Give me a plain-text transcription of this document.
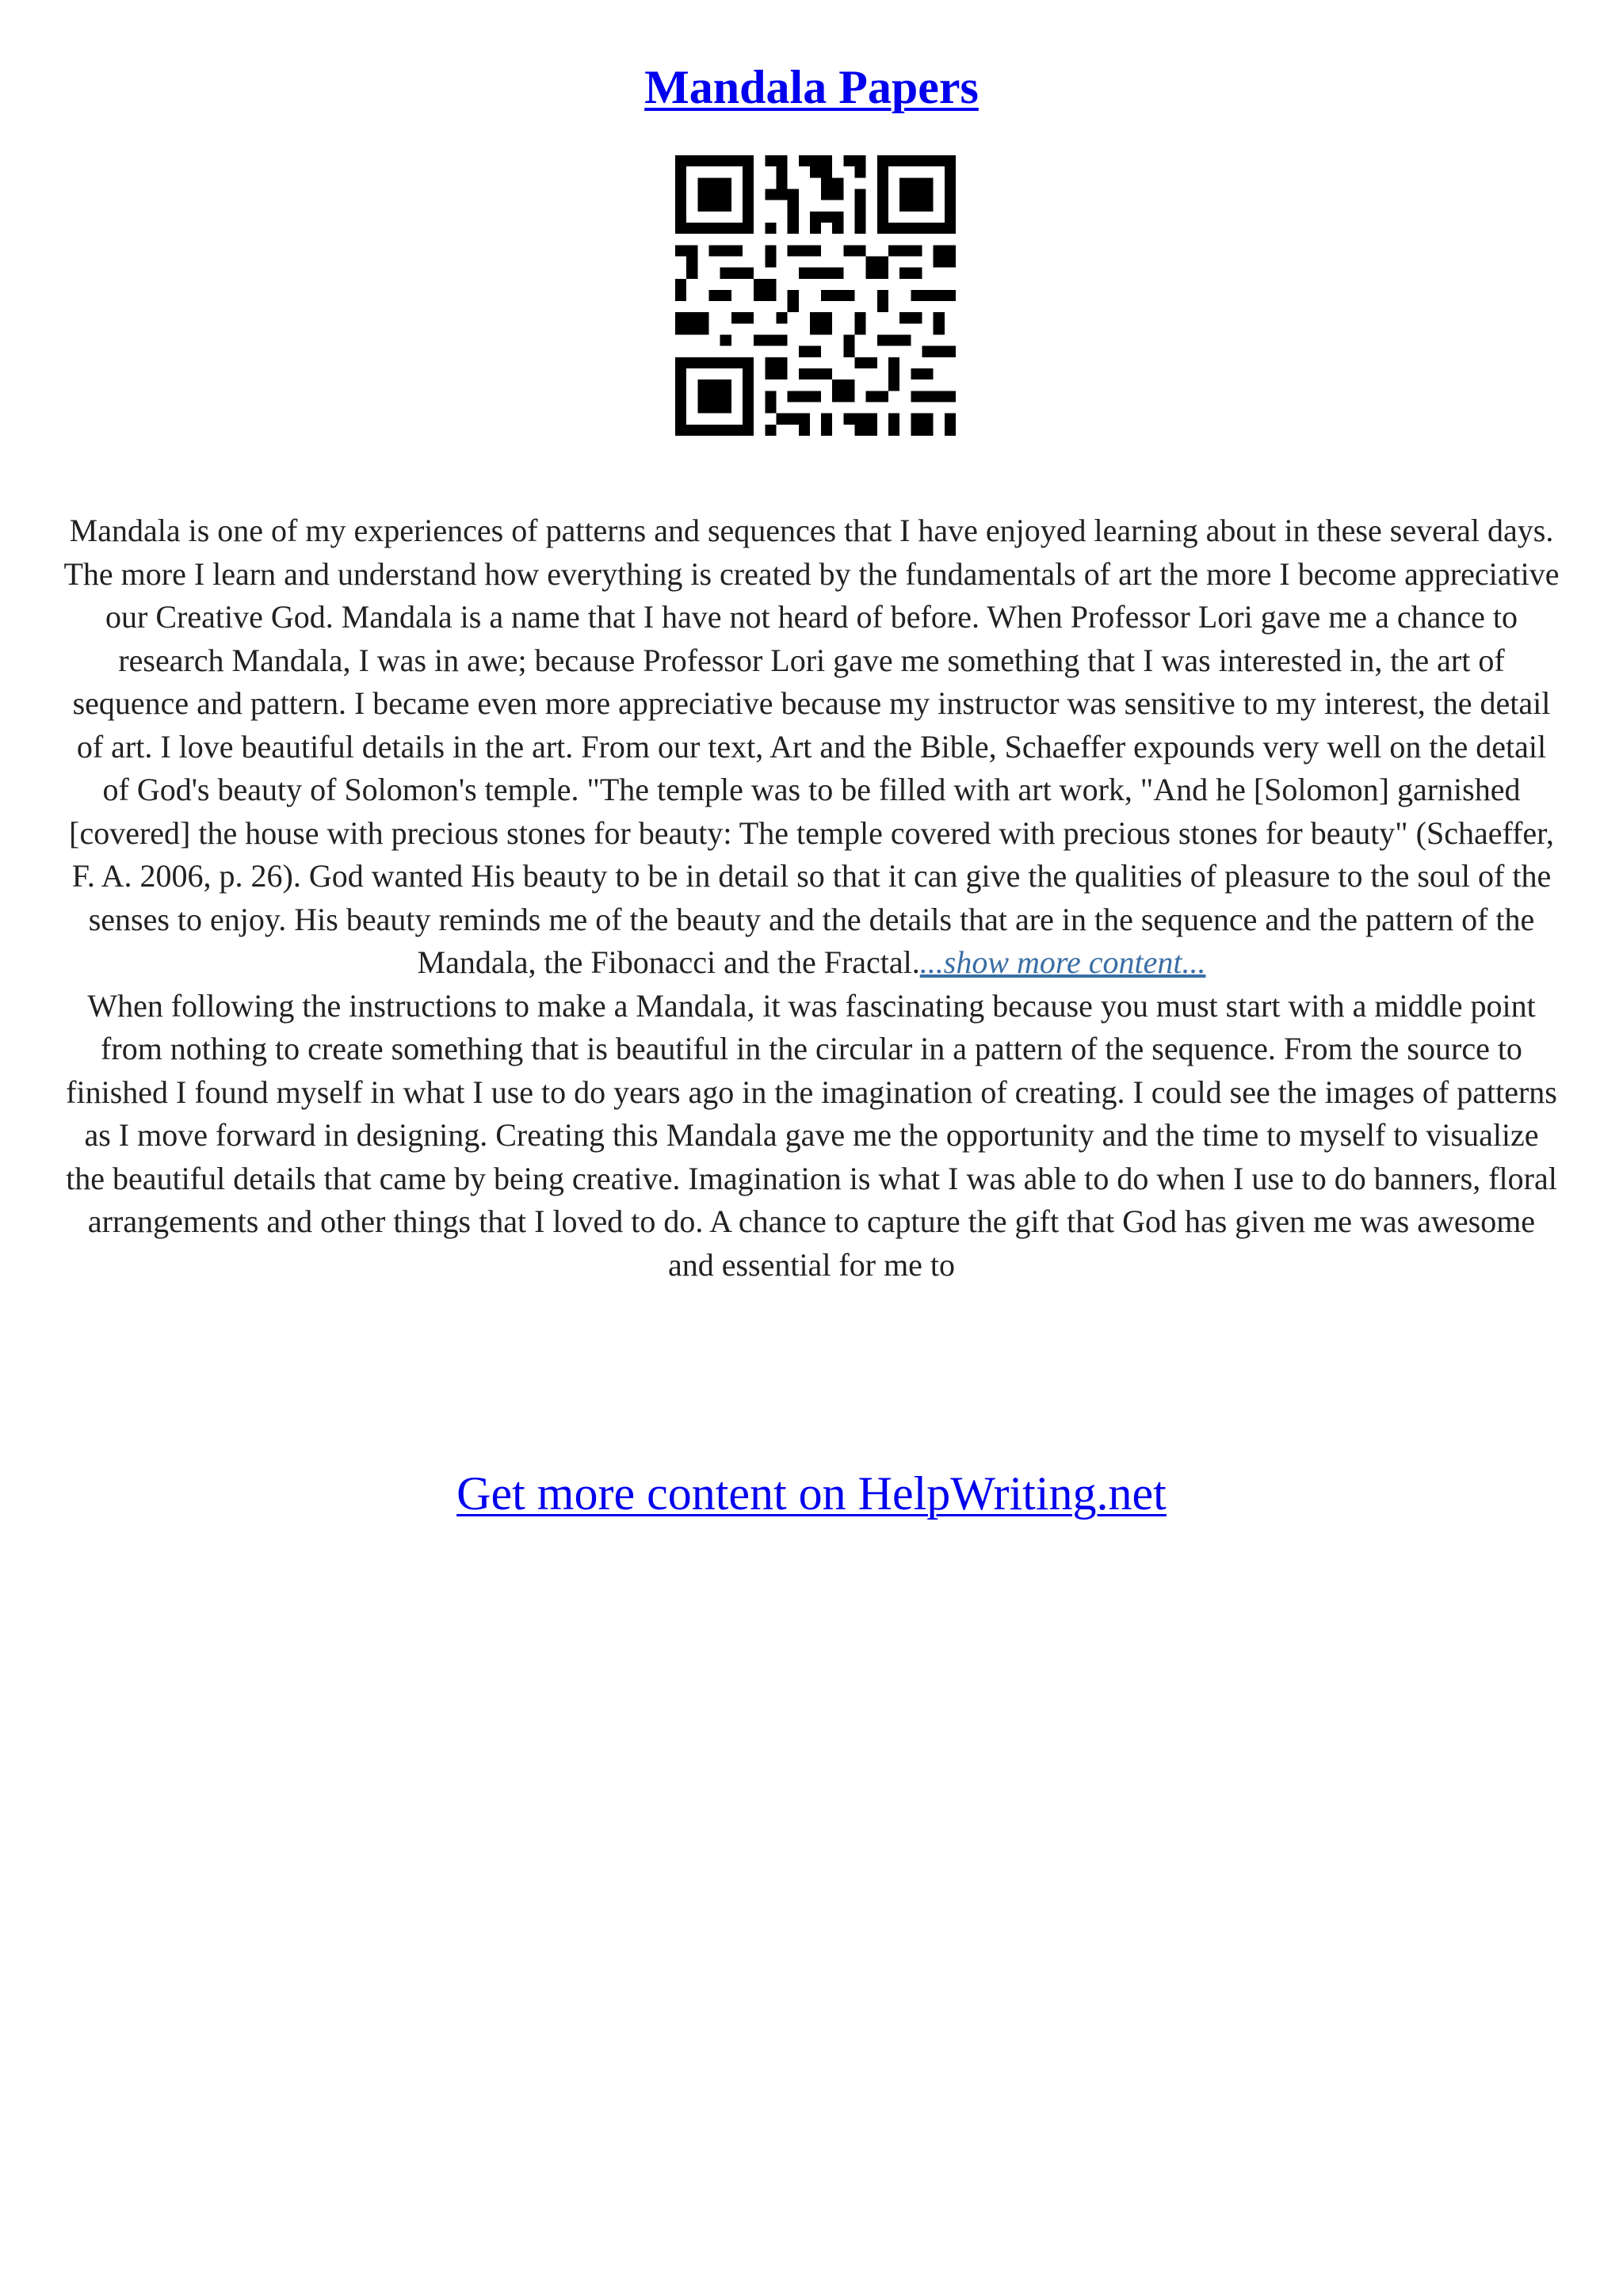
Mandala Papers

Mandala is one of my experiences of patterns and sequences that I have enjoyed learning about in these several days. The more I learn and understand how everything is created by the fundamentals of art the more I become appreciative our Creative God. Mandala is a name that I have not heard of before. When Professor Lori gave me a chance to research Mandala, I was in awe; because Professor Lori gave me something that I was interested in, the art of sequence and pattern. I became even more appreciative because my instructor was sensitive to my interest, the detail of art. I love beautiful details in the art. From our text, Art and the Bible, Schaeffer expounds very well on the detail of God's beauty of Solomon's temple. "The temple was to be filled with art work, "And he [Solomon] garnished [covered] the house with precious stones for beauty: The temple covered with precious stones for beauty" (Schaeffer, F. A. 2006, p. 26). God wanted His beauty to be in detail so that it can give the qualities of pleasure to the soul of the senses to enjoy. His beauty reminds me of the beauty and the details that are in the sequence and the pattern of the Mandala, the Fibonacci and the Fractal....show more content...

When following the instructions to make a Mandala, it was fascinating because you must start with a middle point from nothing to create something that is beautiful in the circular in a pattern of the sequence. From the source to finished I found myself in what I use to do years ago in the imagination of creating. I could see the images of patterns as I move forward in designing. Creating this Mandala gave me the opportunity and the time to myself to visualize the beautiful details that came by being creative. Imagination is what I was able to do when I use to do banners, floral arrangements and other things that I loved to do. A chance to capture the gift that God has given me was awesome and essential for me to

Get more content on HelpWriting.net
